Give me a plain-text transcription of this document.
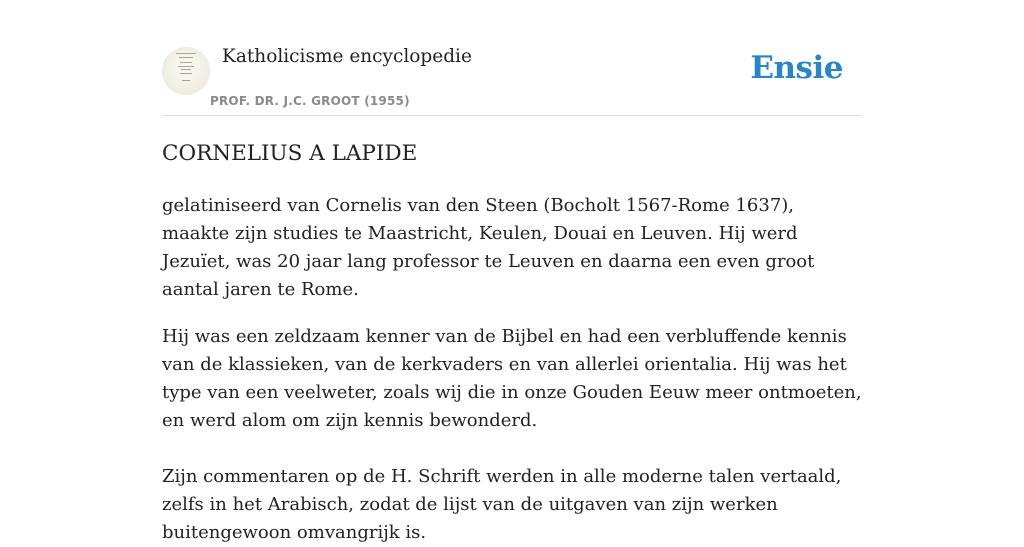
Katholicisme encyclopedie
PROF. DR. J.C. GROOT (1955)
Ensie
CORNELIUS A LAPIDE

gelatiniseerd van Cornelis van den Steen (Bocholt 1567-Rome 1637), maakte zijn studies te Maastricht, Keulen, Douai en Leuven. Hij werd Jezuïet, was 20 jaar lang professor te Leuven en daarna een even groot aantal jaren te Rome.

Hij was een zeldzaam kenner van de Bijbel en had een verbluffende kennis van de klassieken, van de kerkvaders en van allerlei orientalia. Hij was het type van een veelweter, zoals wij die in onze Gouden Eeuw meer ontmoeten, en werd alom om zijn kennis bewonderd.

Zijn commentaren op de H. Schrift werden in alle moderne talen vertaald, zelfs in het Arabisch, zodat de lijst van de uitgaven van zijn werken buitengewoon omvangrijk is.
